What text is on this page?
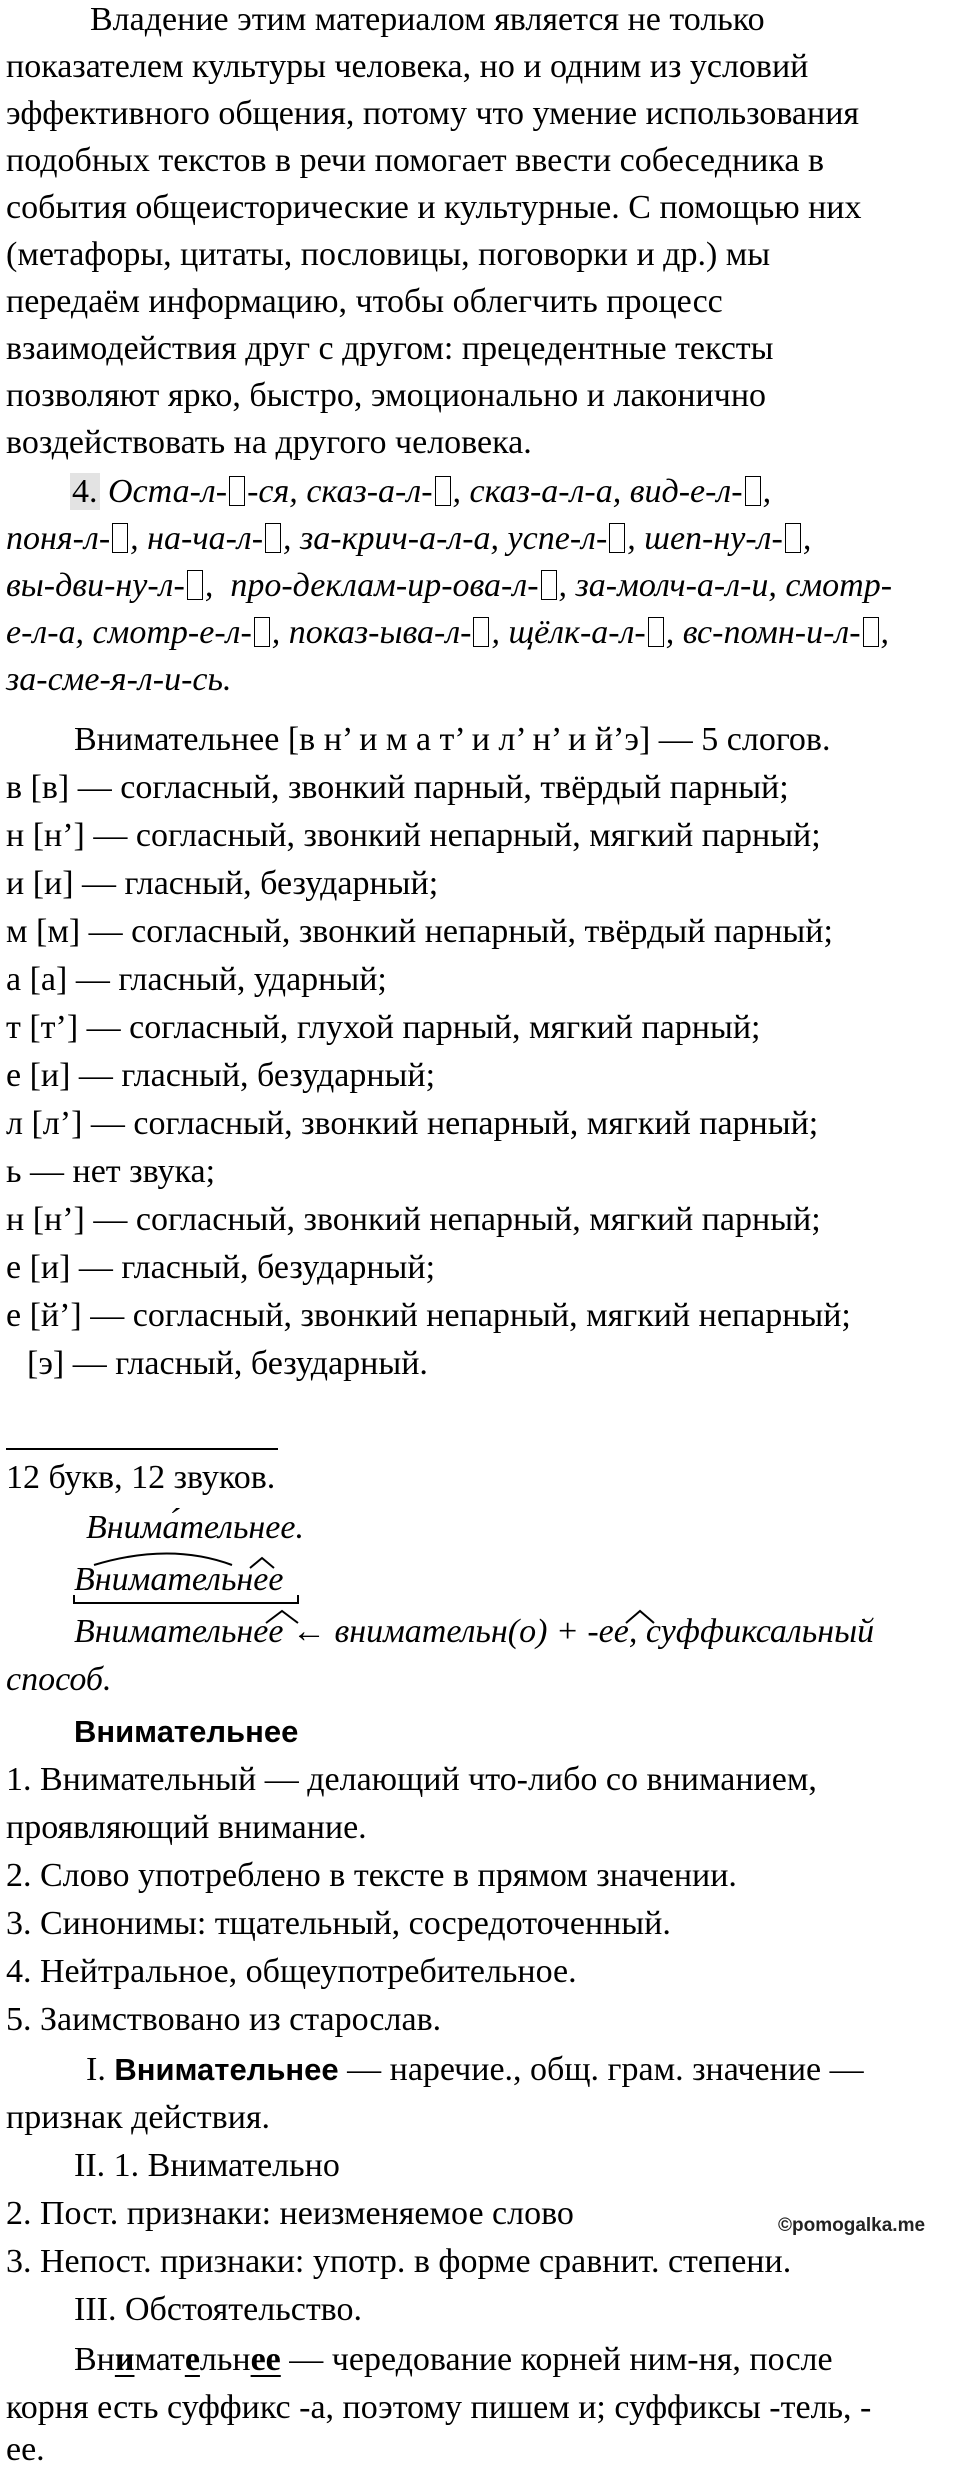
Владение этим материалом является не только
показателем культуры человека, но и одним из условий
эффективного общения, потому что умение использования
подобных текстов в речи помогает ввести собеседника в
события общеисторические и культурные. С помощью них
(метафоры, цитаты, пословицы, поговорки и др.) мы
передаём информацию, чтобы облегчить процесс
взаимодействия друг с другом: прецедентные тексты
позволяют ярко, быстро, эмоционально и лаконично
воздействовать на другого человека.
4. Оста-л- -ся, сказ-а-л- , сказ-а-л-а, вид-е-л- ,
поня-л- , на-ча-л- , за-крич-а-л-а, успе-л- , шеп-ну-л- ,
вы-дви-ну-л- ,  про-деклам-ир-ова-л- , за-молч-а-л-и, смотр-
е-л-а, смотр-е-л- , показ-ыва-л- , щёлк-а-л- , вс-помн-и-л- ,
за-сме-я-л-и-сь.
Внимательнее [в н’ и м а т’ и л’ н’ и й’э] — 5 слогов.
в [в] — согласный, звонкий парный, твёрдый парный;
н [н’] — согласный, звонкий непарный, мягкий парный;
и [и] — гласный, безударный;
м [м] — согласный, звонкий непарный, твёрдый парный;
а [а] — гласный, ударный;
т [т’] — согласный, глухой парный, мягкий парный;
е [и] — гласный, безударный;
л [л’] — согласный, звонкий непарный, мягкий парный;
ь — нет звука;
н [н’] — согласный, звонкий непарный, мягкий парный;
е [и] — гласный, безударный;
е [й’] — согласный, звонкий непарный, мягкий непарный;
[э] — гласный, безударный.
12 букв, 12 звуков.
Внима́тельнее.
Внимательнее
Внимательнее ← внимательн(о) + -ее, суффиксальный
способ.
Внимательнее
1. Внимательный — делающий что-либо со вниманием,
проявляющий внимание.
2. Слово употреблено в тексте в прямом значении.
3. Синонимы: тщательный, сосредоточенный.
4. Нейтральное, общеупотребительное.
5. Заимствовано из старослав.
I. Внимательнее — наречие., общ. грам. значение —
признак действия.
II. 1. Внимательно
2. Пост. признаки: неизменяемое слово
3. Непост. признаки: употр. в форме сравнит. степени.
III. Обстоятельство.
©pomogalka.me
Внимательнее — чередование корней ним-ня, после
корня есть суффикс -а, поэтому пишем и; суффиксы -тель, -
ее.
